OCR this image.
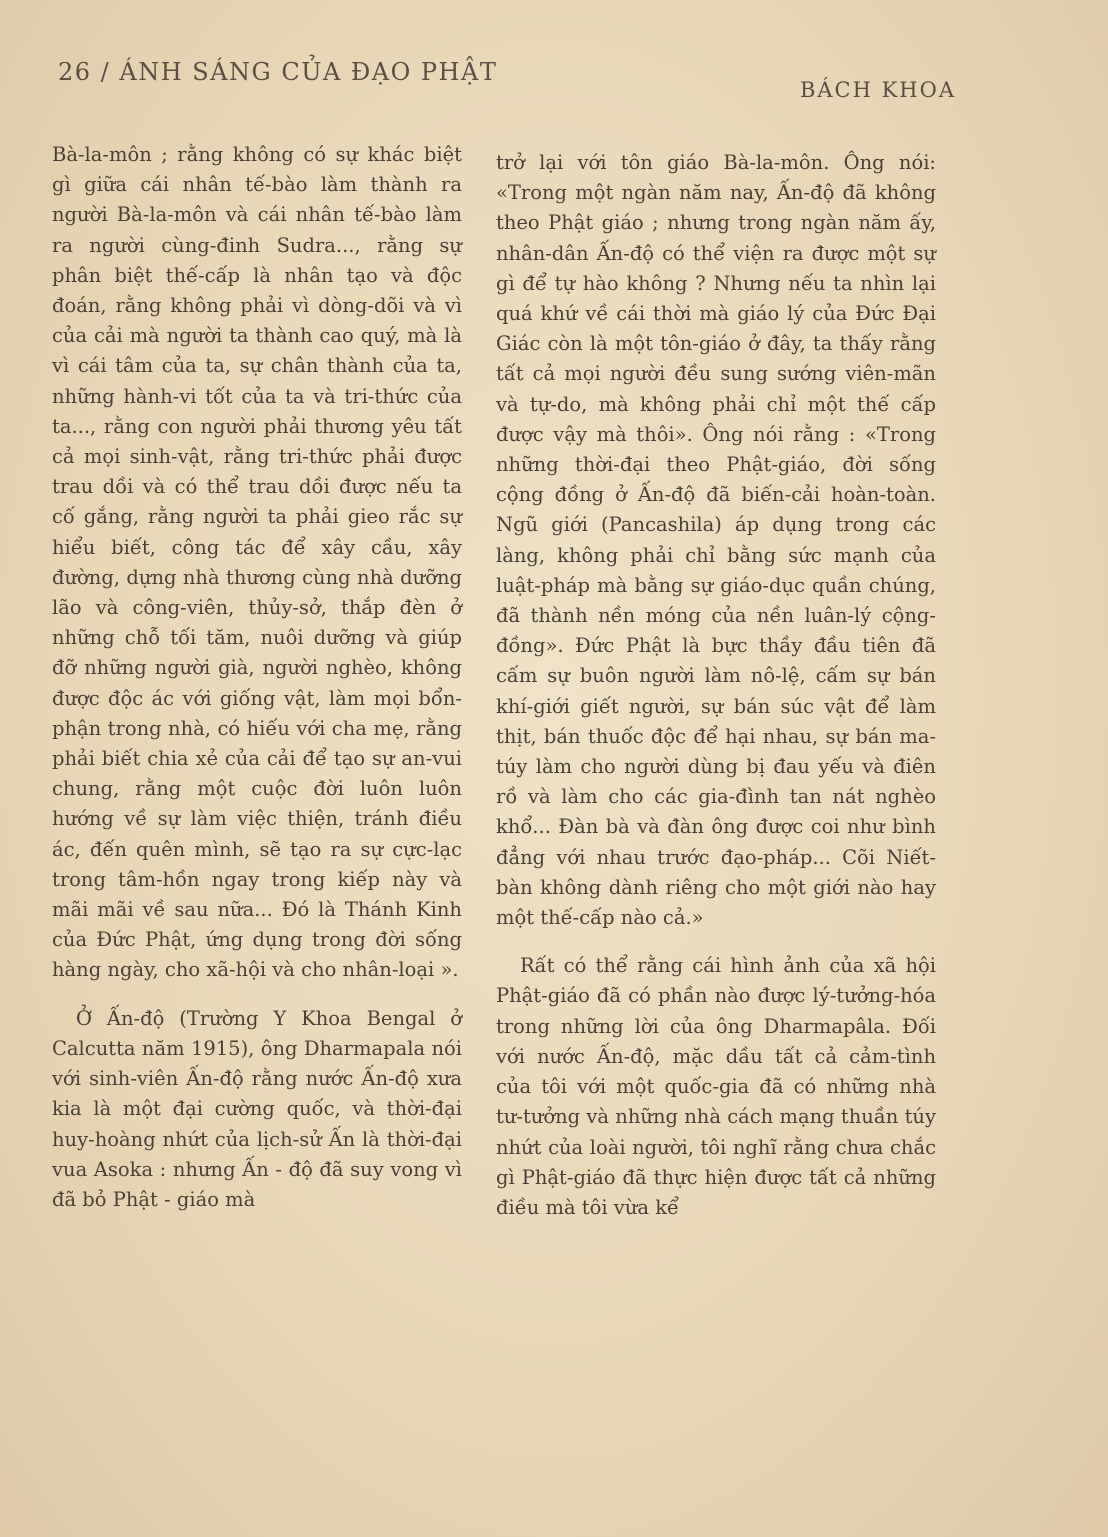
26 / ÁNH SÁNG CỦA ĐẠO PHẬT
BÁCH KHOA

Bà-la-môn ; rằng không có sự khác biệt gì giữa cái nhân tế-bào làm thành ra người Bà-la-môn và cái nhân tế-bào làm ra người cùng-đinh Sudra..., rằng sự phân biệt thế-cấp là nhân tạo và độc đoán, rằng không phải vì dòng-dõi và vì của cải mà người ta thành cao quý, mà là vì cái tâm của ta, sự chân thành của ta, những hành-vi tốt của ta và tri-thức của ta..., rằng con người phải thương yêu tất cả mọi sinh-vật, rằng tri-thức phải được trau dồi và có thể trau dồi được nếu ta cố gắng, rằng người ta phải gieo rắc sự hiểu biết, công tác để xây cầu, xây đường, dựng nhà thương cùng nhà dưỡng lão và công-viên, thủy-sở, thắp đèn ở những chỗ tối tăm, nuôi dưỡng và giúp đỡ những người già, người nghèo, không được độc ác với giống vật, làm mọi bổn-phận trong nhà, có hiếu với cha mẹ, rằng phải biết chia xẻ của cải để tạo sự an-vui chung, rằng một cuộc đời luôn luôn hướng về sự làm việc thiện, tránh điều ác, đến quên mình, sẽ tạo ra sự cực-lạc trong tâm-hồn ngay trong kiếp này và mãi mãi về sau nữa... Đó là Thánh Kinh của Đức Phật, ứng dụng trong đời sống hàng ngày, cho xã-hội và cho nhân-loại ».

Ở Ấn-độ (Trường Y Khoa Bengal ở Calcutta năm 1915), ông Dharmapala nói với sinh-viên Ấn-độ rằng nước Ấn-độ xưa kia là một đại cường quốc, và thời-đại huy-hoàng nhứt của lịch-sử Ấn là thời-đại vua Asoka : nhưng Ấn - độ đã suy vong vì đã bỏ Phật - giáo mà

trở lại với tôn giáo Bà-la-môn. Ông nói: «Trong một ngàn năm nay, Ấn-độ đã không theo Phật giáo ; nhưng trong ngàn năm ấy, nhân-dân Ấn-độ có thể viện ra được một sự gì để tự hào không ? Nhưng nếu ta nhìn lại quá khứ về cái thời mà giáo lý của Đức Đại Giác còn là một tôn-giáo ở đây, ta thấy rằng tất cả mọi người đều sung sướng viên-mãn và tự-do, mà không phải chỉ một thế cấp được vậy mà thôi». Ông nói rằng : «Trong những thời-đại theo Phật-giáo, đời sống cộng đồng ở Ấn-độ đã biến-cải hoàn-toàn. Ngũ giới (Pancashila) áp dụng trong các làng, không phải chỉ bằng sức mạnh của luật-pháp mà bằng sự giáo-dục quần chúng, đã thành nền móng của nền luân-lý cộng-đồng». Đức Phật là bực thầy đầu tiên đã cấm sự buôn người làm nô-lệ, cấm sự bán khí-giới giết người, sự bán súc vật để làm thịt, bán thuốc độc để hại nhau, sự bán ma-túy làm cho người dùng bị đau yếu và điên rồ và làm cho các gia-đình tan nát nghèo khổ... Đàn bà và đàn ông được coi như bình đẳng với nhau trước đạo-pháp... Cõi Niết-bàn không dành riêng cho một giới nào hay một thế-cấp nào cả.»

Rất có thể rằng cái hình ảnh của xã hội Phật-giáo đã có phần nào được lý-tưởng-hóa trong những lời của ông Dharmapâla. Đối với nước Ấn-độ, mặc dầu tất cả cảm-tình của tôi với một quốc-gia đã có những nhà tư-tưởng và những nhà cách mạng thuần túy nhứt của loài người, tôi nghĩ rằng chưa chắc gì Phật-giáo đã thực hiện được tất cả những điều mà tôi vừa kể
